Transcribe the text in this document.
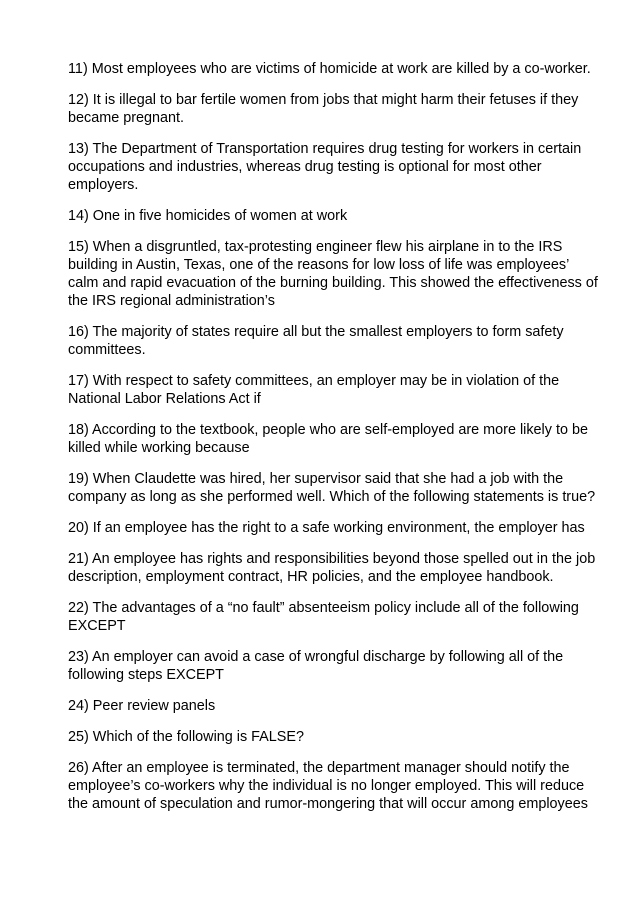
11) Most employees who are victims of homicide at work are killed by a co-worker.
12) It is illegal to bar fertile women from jobs that might harm their fetuses if they became pregnant.
13) The Department of Transportation requires drug testing for workers in certain occupations and industries, whereas drug testing is optional for most other employers.
14) One in five homicides of women at work
15) When a disgruntled, tax-protesting engineer flew his airplane in to the IRS building in Austin, Texas, one of the reasons for low loss of life was employees’ calm and rapid evacuation of the burning building. This showed the effectiveness of the IRS regional administration’s
16) The majority of states require all but the smallest employers to form safety committees.
17) With respect to safety committees, an employer may be in violation of the National Labor Relations Act if
18) According to the textbook, people who are self-employed are more likely to be killed while working because
19) When Claudette was hired, her supervisor said that she had a job with the company as long as she performed well. Which of the following statements is true?
20) If an employee has the right to a safe working environment, the employer has
21) An employee has rights and responsibilities beyond those spelled out in the job description, employment contract, HR policies, and the employee handbook.
22) The advantages of a “no fault” absenteeism policy include all of the following EXCEPT
23) An employer can avoid a case of wrongful discharge by following all of the following steps EXCEPT
24) Peer review panels
25) Which of the following is FALSE?
26) After an employee is terminated, the department manager should notify the employee’s co-workers why the individual is no longer employed. This will reduce the amount of speculation and rumor-mongering that will occur among employees
